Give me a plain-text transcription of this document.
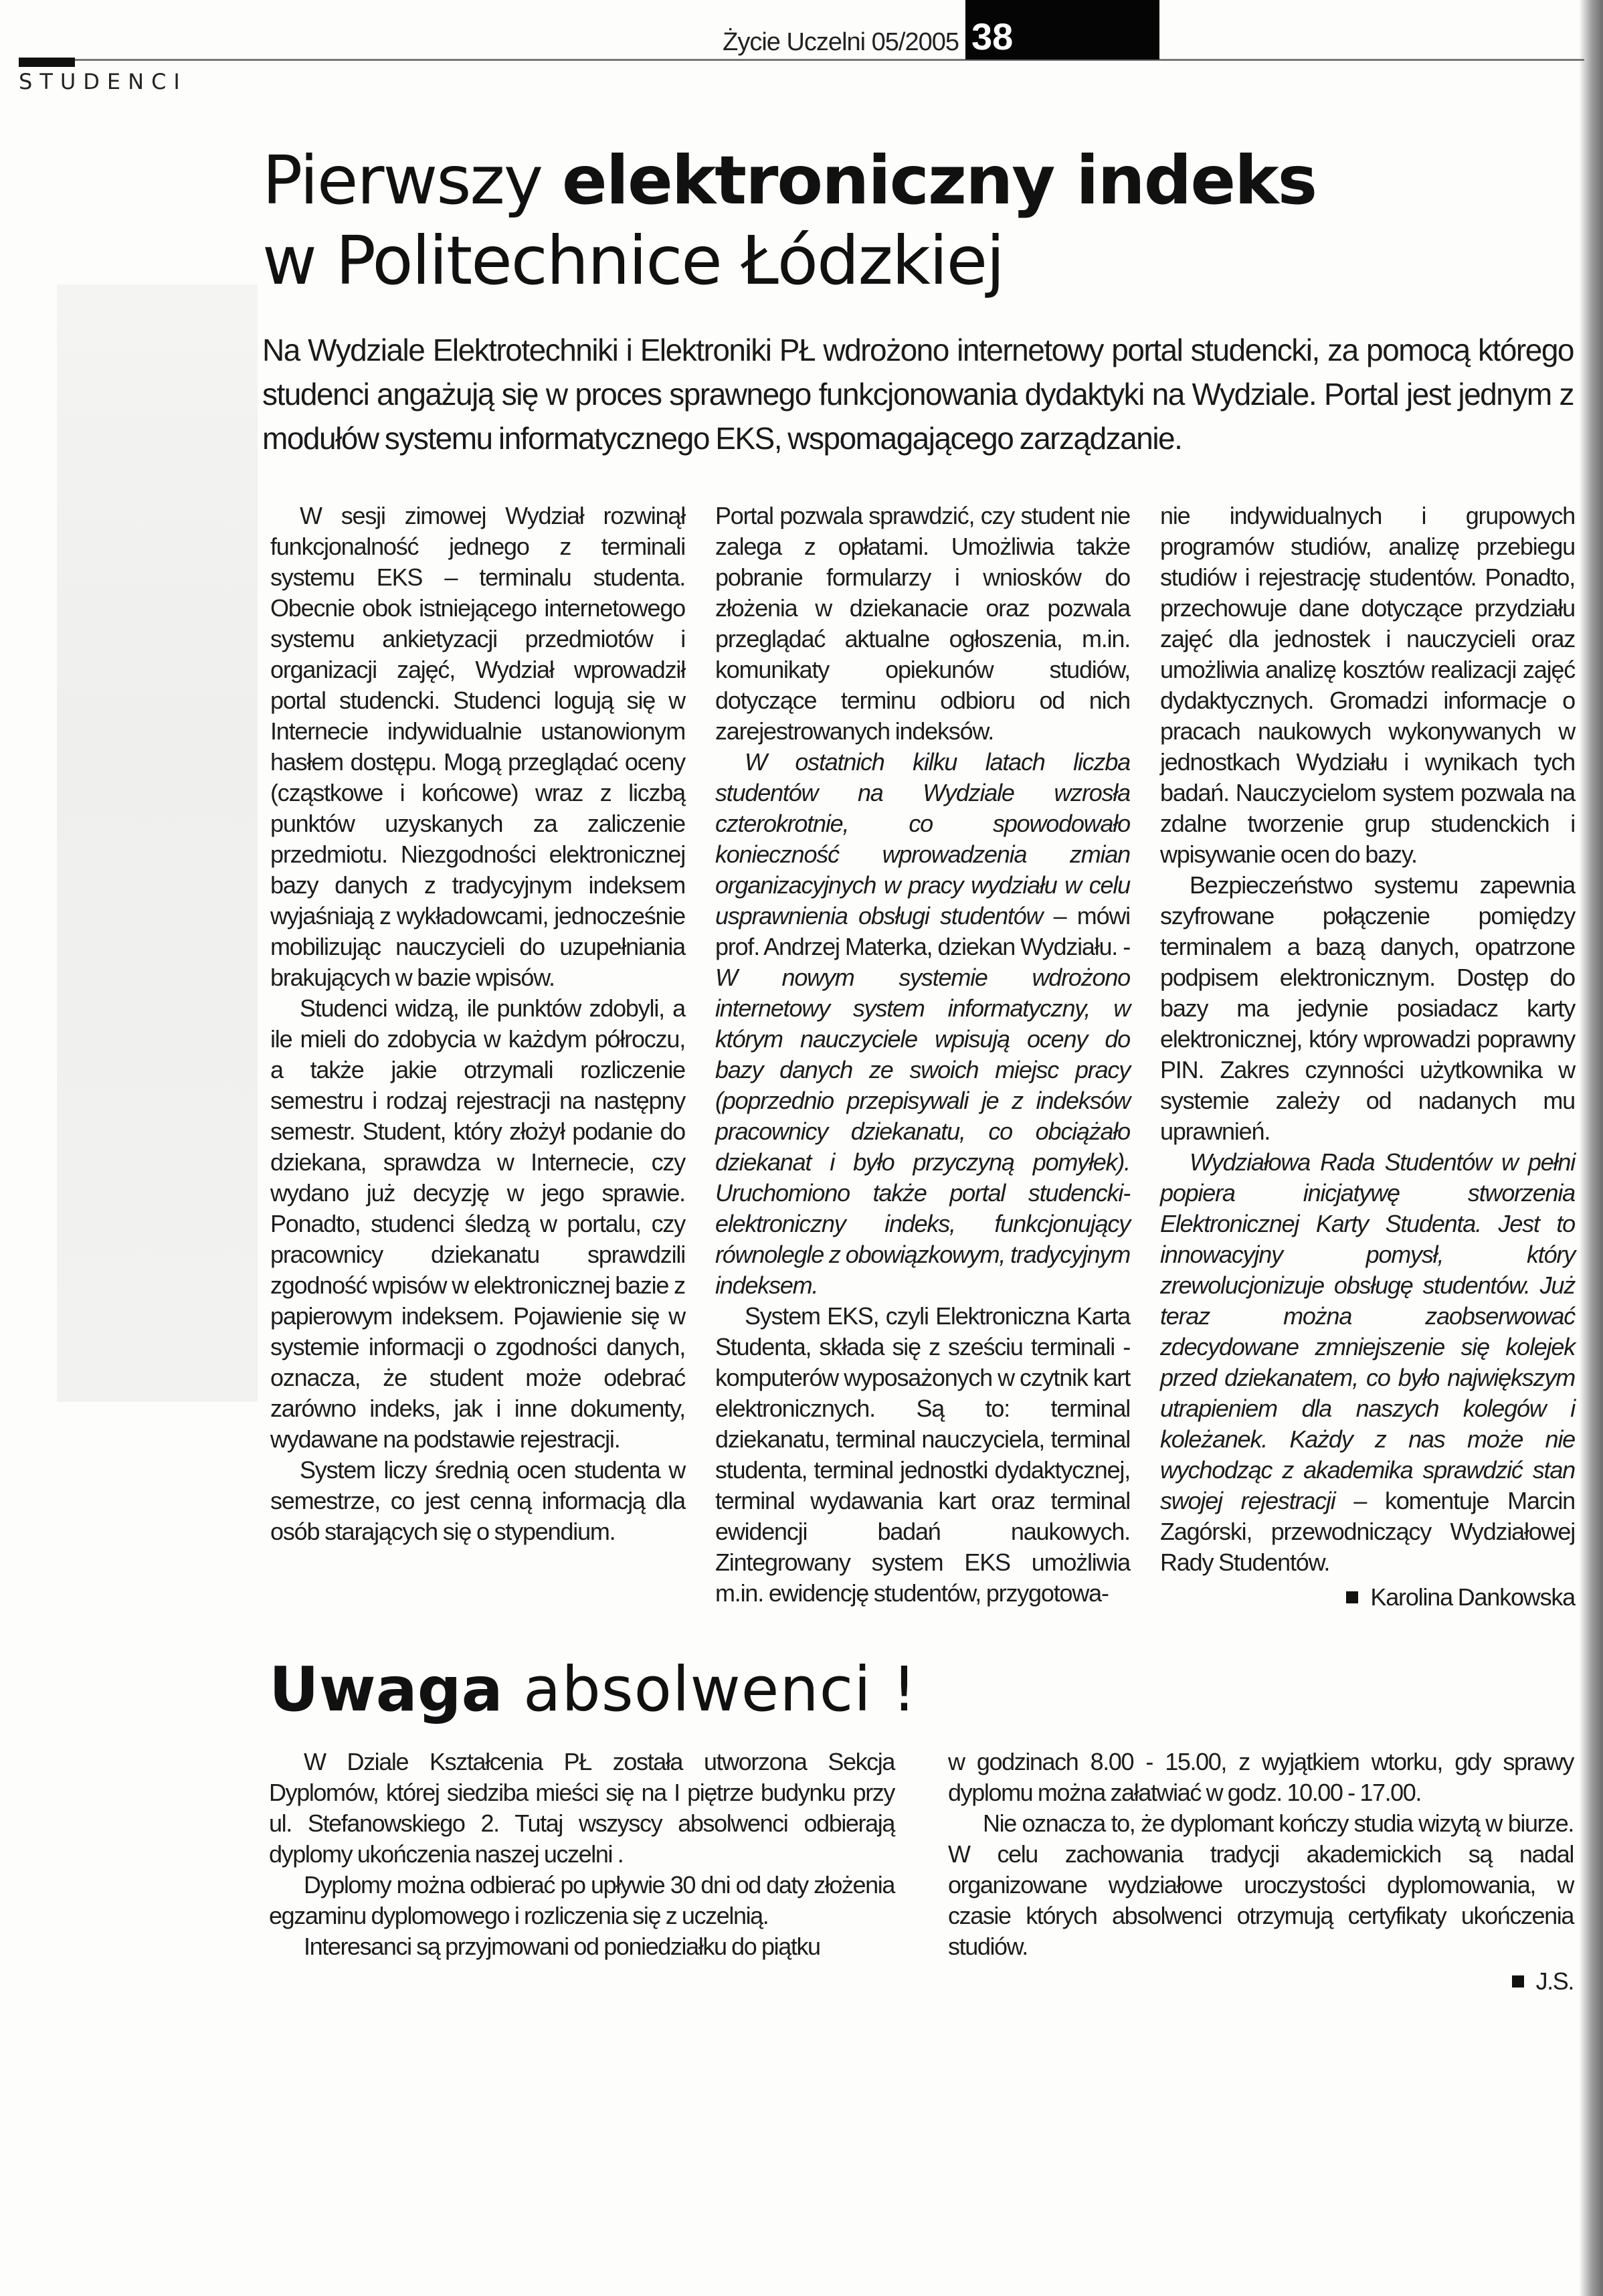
STUDENCI
Życie Uczelni 05/2005 38
Pierwszy elektroniczny indeks
w Politechnice Łódzkiej
Na Wydziale Elektrotechniki i Elektroniki PŁ wdrożono internetowy portal studencki, za pomocą którego studenci angażują się w proces sprawnego funkcjonowania dydaktyki na Wydziale. Portal jest jednym z modułów systemu informatycznego EKS, wspomagającego zarządzanie.

W sesji zimowej Wydział rozwinął funkcjonalność jednego z terminali systemu EKS – terminalu studenta. Obecnie obok istniejącego internetowego systemu ankietyzacji przedmiotów i organizacji zajęć, Wydział wprowadził portal studencki. Studenci logują się w Internecie indywidualnie ustanowionym hasłem dostępu. Mogą przeglądać oceny (cząstkowe i końcowe) wraz z liczbą punktów uzyskanych za zaliczenie przedmiotu. Niezgodności elektronicznej bazy danych z tradycyjnym indeksem wyjaśniają z wykładowcami, jednocześnie mobilizując nauczycieli do uzupełniania brakujących w bazie wpisów.

Studenci widzą, ile punktów zdobyli, a ile mieli do zdobycia w każdym półroczu, a także jakie otrzymali rozliczenie semestru i rodzaj rejestracji na następny semestr. Student, który złożył podanie do dziekana, sprawdza w Internecie, czy wydano już decyzję w jego sprawie. Ponadto, studenci śledzą w portalu, czy pracownicy dziekanatu sprawdzili zgodność wpisów w elektronicznej bazie z papierowym indeksem. Pojawienie się w systemie informacji o zgodności danych, oznacza, że student może odebrać zarówno indeks, jak i inne dokumenty, wydawane na podstawie rejestracji.

System liczy średnią ocen studenta w semestrze, co jest cenną informacją dla osób starających się o stypendium.

Portal pozwala sprawdzić, czy student nie zalega z opłatami. Umożliwia także pobranie formularzy i wniosków do złożenia w dziekanacie oraz pozwala przeglądać aktualne ogłoszenia, m.in. komunikaty opiekunów studiów, dotyczące terminu odbioru od nich zarejestrowanych indeksów.

W ostatnich kilku latach liczba studentów na Wydziale wzrosła czterokrotnie, co spowodowało konieczność wprowadzenia zmian organizacyjnych w pracy wydziału w celu usprawnienia obsługi studentów – mówi prof. Andrzej Materka, dziekan Wydziału. - W nowym systemie wdrożono internetowy system informatyczny, w którym nauczyciele wpisują oceny do bazy danych ze swoich miejsc pracy (poprzednio przepisywali je z indeksów pracownicy dziekanatu, co obciążało dziekanat i było przyczyną pomyłek). Uruchomiono także portal studencki- elektroniczny indeks, funkcjonujący równolegle z obowiązkowym, tradycyjnym indeksem.

System EKS, czyli Elektroniczna Karta Studenta, składa się z sześciu terminali - komputerów wyposażonych w czytnik kart elektronicznych. Są to: terminal dziekanatu, terminal nauczyciela, terminal studenta, terminal jednostki dydaktycznej, terminal wydawania kart oraz terminal ewidencji badań naukowych. Zintegrowany system EKS umożliwia m.in. ewidencję studentów, przygotowa-

nie indywidualnych i grupowych programów studiów, analizę przebiegu studiów i rejestrację studentów. Ponadto, przechowuje dane dotyczące przydziału zajęć dla jednostek i nauczycieli oraz umożliwia analizę kosztów realizacji zajęć dydaktycznych. Gromadzi informacje o pracach naukowych wykonywanych w jednostkach Wydziału i wynikach tych badań. Nauczycielom system pozwala na zdalne tworzenie grup studenckich i wpisywanie ocen do bazy.

Bezpieczeństwo systemu zapewnia szyfrowane połączenie pomiędzy terminalem a bazą danych, opatrzone podpisem elektronicznym. Dostęp do bazy ma jedynie posiadacz karty elektronicznej, który wprowadzi poprawny PIN. Zakres czynności użytkownika w systemie zależy od nadanych mu uprawnień.

Wydziałowa Rada Studentów w pełni popiera inicjatywę stworzenia Elektronicznej Karty Studenta. Jest to innowacyjny pomysł, który zrewolucjonizuje obsługę studentów. Już teraz można zaobserwować zdecydowane zmniejszenie się kolejek przed dziekanatem, co było największym utrapieniem dla naszych kolegów i koleżanek. Każdy z nas może nie wychodząc z akademika sprawdzić stan swojej rejestracji – komentuje Marcin Zagórski, przewodniczący Wydziałowej Rady Studentów.

Karolina Dankowska

Uwaga absolwenci !

W Dziale Kształcenia PŁ została utworzona Sekcja Dyplomów, której siedziba mieści się na I piętrze budynku przy ul. Stefanowskiego 2. Tutaj wszyscy absolwenci odbierają dyplomy ukończenia naszej uczelni .

Dyplomy można odbierać po upływie 30 dni od daty złożenia egzaminu dyplomowego i rozliczenia się z uczelnią.

Interesanci są przyjmowani od poniedziałku do piątku

w godzinach 8.00 - 15.00, z wyjątkiem wtorku, gdy sprawy dyplomu można załatwiać w godz. 10.00 - 17.00.

Nie oznacza to, że dyplomant kończy studia wizytą w biurze. W celu zachowania tradycji akademickich są nadal organizowane wydziałowe uroczystości dyplomowania, w czasie których absolwenci otrzymują certyfikaty ukończenia studiów.

J.S.
